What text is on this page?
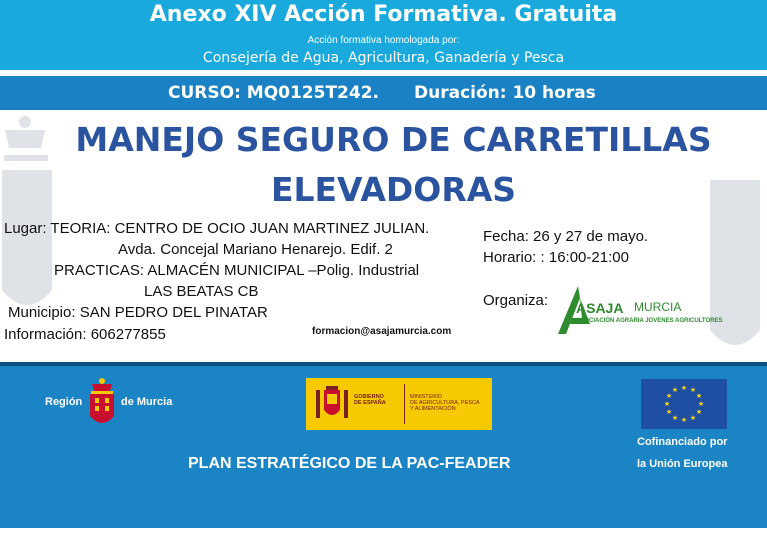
Anexo XIV Acción Formativa. Gratuita
Acción formativa homologada por:
Consejería de Agua, Agricultura, Ganadería y Pesca
CURSO: MQ0125T242. Duración: 10 horas
MANEJO SEGURO DE CARRETILLAS
ELEVADORAS
Lugar: TEORIA: CENTRO DE OCIO JUAN MARTINEZ JULIAN.
Avda. Concejal Mariano Henarejo. Edif. 2
PRACTICAS: ALMACÉN MUNICIPAL –Polig. Industrial
LAS BEATAS CB
Municipio: SAN PEDRO DEL PINATAR
Información: 606277855	formacion@asajamurcia.com
Fecha: 26 y 27 de mayo.
Horario: : 16:00-21:00
Organiza: ASAJA MURCIA
ASOCIACIÓN AGRARIA JOVENES AGRICULTORES
Región	de Murcia	GOBIERNO
DE ESPAÑA
MINISTERIO
DE AGRICULTURA, PESCA
Y ALIMENTACIÓN
★ ★
★
★
★
★
★
★
★
★
★
★
PLAN ESTRATÉGICO DE LA PAC-FEADER
Cofinanciado por
la Unión Europea
